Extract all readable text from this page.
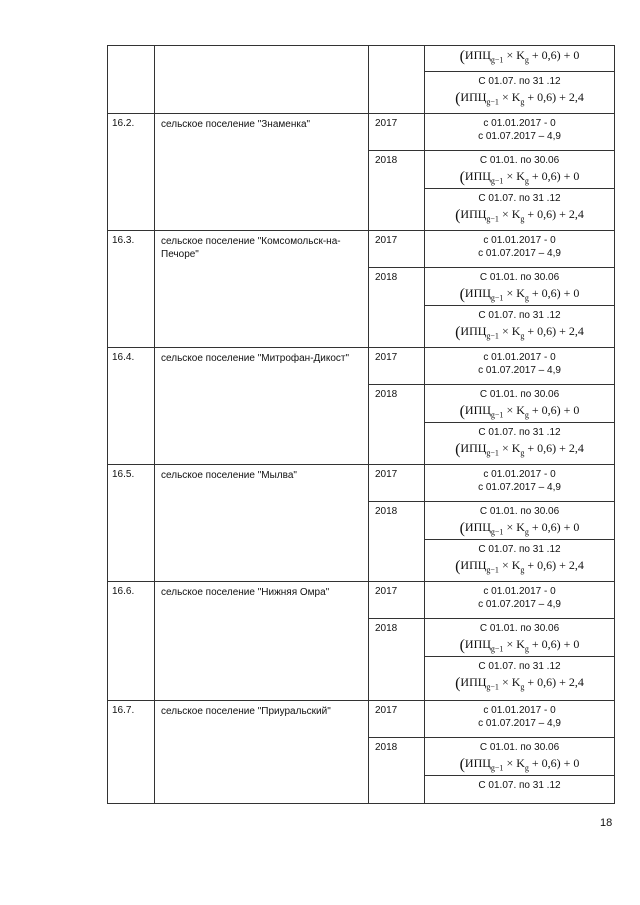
			$(ИПЦ_{g-1} \times K_g + 0,6) + 0$

			С 01.07. по 31 .12
$(ИПЦ_{g-1} \times K_g + 0,6) + 2,4$

16.2.	сельское поселение "Знаменка"	2017	с 01.01.2017 - 0
с 01.07.2017 – 4,9

		2018	С 01.01. по 30.06
$(ИПЦ_{g-1} \times K_g + 0,6) + 0$

			С 01.07. по 31 .12
$(ИПЦ_{g-1} \times K_g + 0,6) + 2,4$

16.3.	сельское поселение "Комсомольск-на-Печоре"	2017	с 01.01.2017 - 0
с 01.07.2017 – 4,9

		2018	С 01.01. по 30.06
$(ИПЦ_{g-1} \times K_g + 0,6) + 0$

			С 01.07. по 31 .12
$(ИПЦ_{g-1} \times K_g + 0,6) + 2,4$

16.4.	сельское поселение "Митрофан-Дикост"	2017	с 01.01.2017 - 0
с 01.07.2017 – 4,9

		2018	С 01.01. по 30.06
$(ИПЦ_{g-1} \times K_g + 0,6) + 0$

			С 01.07. по 31 .12
$(ИПЦ_{g-1} \times K_g + 0,6) + 2,4$

16.5.	сельское поселение "Мылва"	2017	с 01.01.2017 - 0
с 01.07.2017 – 4,9

		2018	С 01.01. по 30.06
$(ИПЦ_{g-1} \times K_g + 0,6) + 0$

			С 01.07. по 31 .12
$(ИПЦ_{g-1} \times K_g + 0,6) + 2,4$

16.6.	сельское поселение "Нижняя Омра"	2017	с 01.01.2017 - 0
с 01.07.2017 – 4,9

		2018	С 01.01. по 30.06
$(ИПЦ_{g-1} \times K_g + 0,6) + 0$

			С 01.07. по 31 .12
$(ИПЦ_{g-1} \times K_g + 0,6) + 2,4$

16.7.	сельское поселение "Приуральский"	2017	с 01.01.2017 - 0
с 01.07.2017 – 4,9

		2018	С 01.01. по 30.06
$(ИПЦ_{g-1} \times K_g + 0,6) + 0$

			С 01.07. по 31 .12
18
